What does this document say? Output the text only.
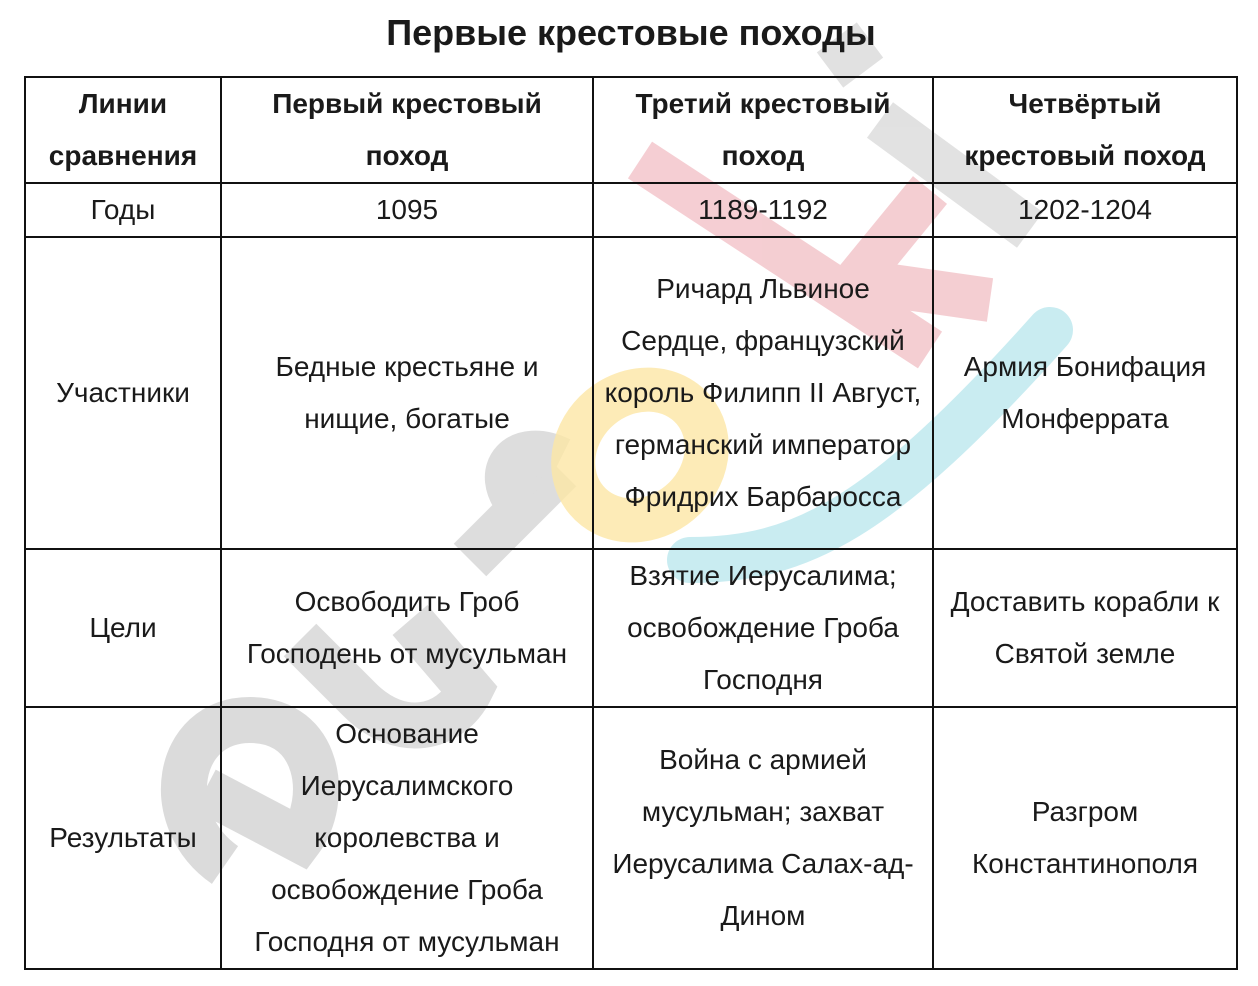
Первые крестовые походы
Линии сравнения	Первый крестовый поход	Третий крестовый поход	Четвёртый крестовый поход
Годы	1095	1189-1192	1202-1204
Участники	Бедные крестьяне и нищие, богатые	Ричард Львиное Сердце, французский король Филипп II Август, германский император Фридрих Барбаросса	Армия Бонифация Монферрата
Цели	Освободить Гроб Господень от мусульман	Взятие Иерусалима; освобождение Гроба Господня	Доставить корабли к Святой земле
Результаты	Основание Иерусалимского королевства и освобождение Гроба Господня от мусульман	Война с армией мусульман; захват Иерусалима Салах-ад-Дином	Разгром Константинополя
